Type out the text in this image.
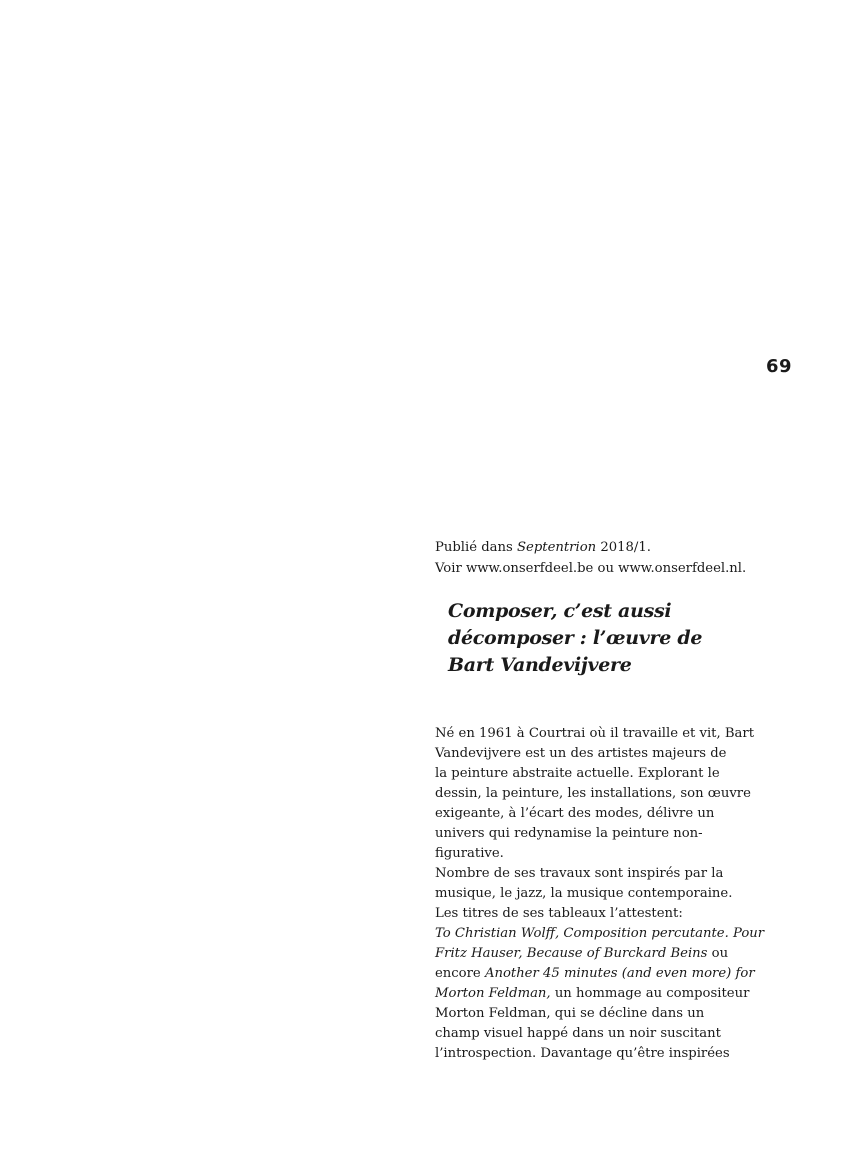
69
Publié dans Septentrion 2018/1.
Voir www.onserfdeel.be ou www.onserfdeel.nl.
Composer, c’est aussi
décomposer : l’œuvre de
Bart Vandevijvere
Né en 1961 à Courtrai où il travaille et vit, Bart
Vandevijvere est un des artistes majeurs de
la peinture abstraite actuelle. Explorant le
dessin, la peinture, les installations, son œuvre
exigeante, à l’écart des modes, délivre un
univers qui redynamise la peinture non-
figurative.
Nombre de ses travaux sont inspirés par la
musique, le jazz, la musique contemporaine.
Les titres de ses tableaux l’attestent:
To Christian Wolff, Composition percutante. Pour
Fritz Hauser, Because of Burckard Beins ou
encore Another 45 minutes (and even more) for
Morton Feldman, un hommage au compositeur
Morton Feldman, qui se décline dans un
champ visuel happé dans un noir suscitant
l’introspection. Davantage qu’être inspirées
